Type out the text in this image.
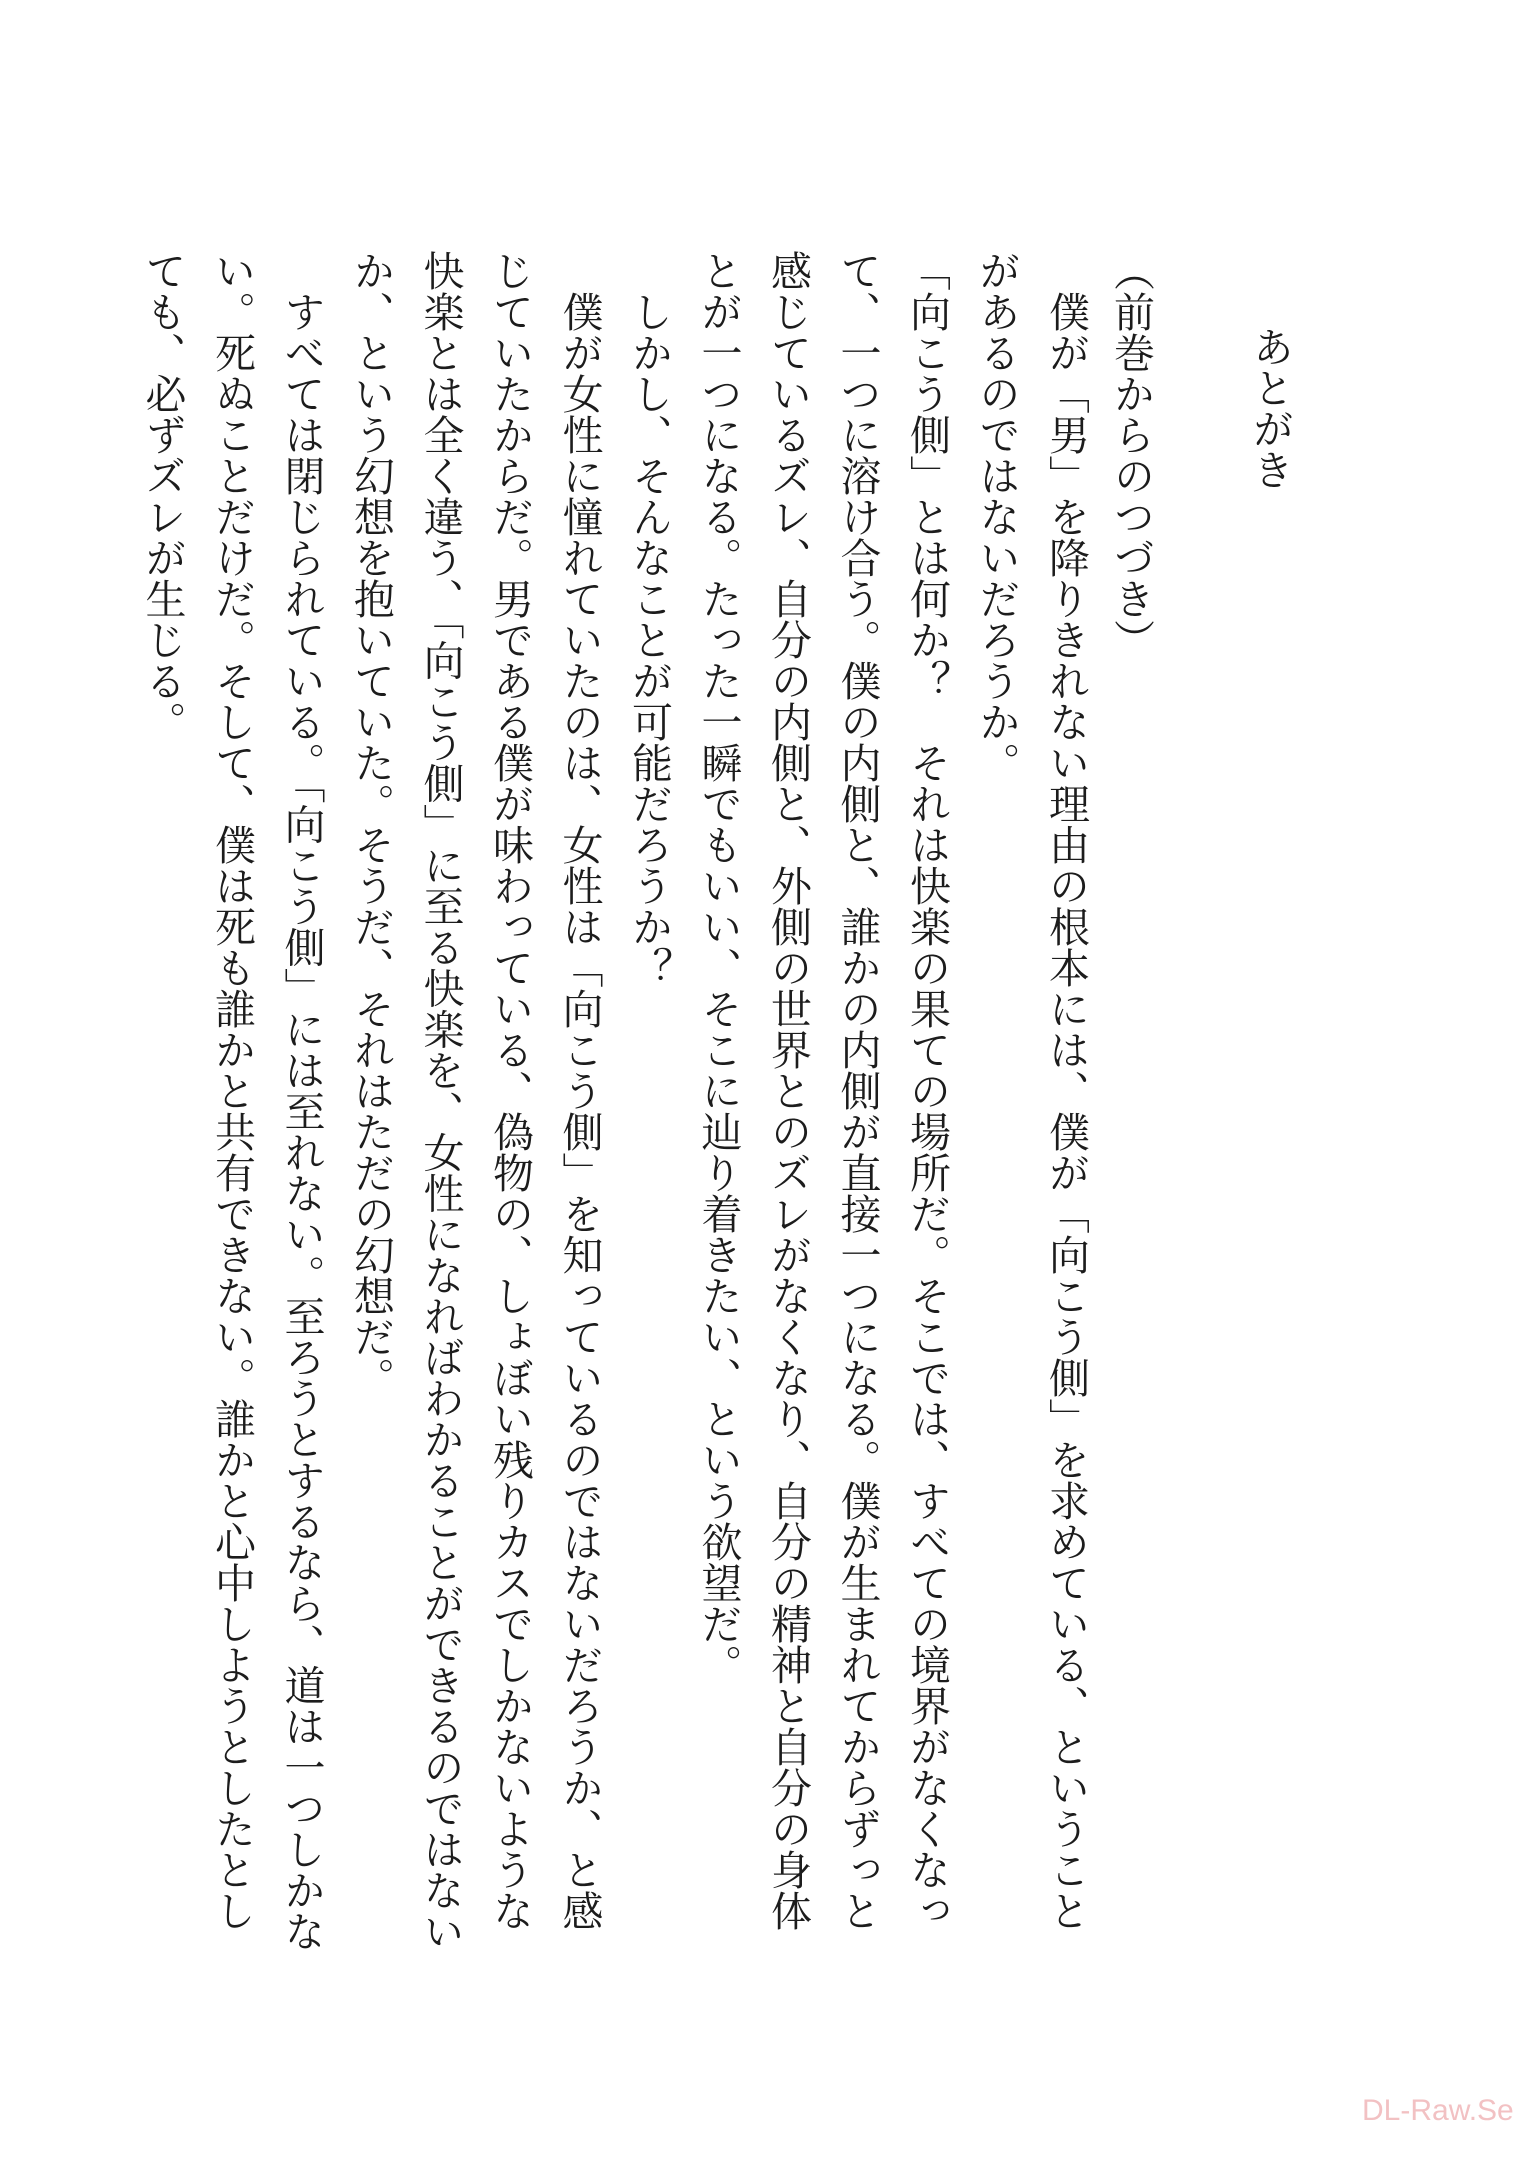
あとがき
（前巻からのつづき）
僕が「男」を降りきれない理由の根本には、僕が「向こう側」を求めている、ということ
があるのではないだろうか。
「向こう側」とは何か？　それは快楽の果ての場所だ。そこでは、すべての境界がなくなっ
て、一つに溶け合う。僕の内側と、誰かの内側が直接一つになる。僕が生まれてからずっと
感じているズレ、自分の内側と、外側の世界とのズレがなくなり、自分の精神と自分の身体
とが一つになる。たった一瞬でもいい、そこに辿り着きたい、という欲望だ。
しかし、そんなことが可能だろうか？
僕が女性に憧れていたのは、女性は「向こう側」を知っているのではないだろうか、と感
じていたからだ。男である僕が味わっている、偽物の、しょぼい残りカスでしかないような
快楽とは全く違う、「向こう側」に至る快楽を、女性になればわかることができるのではない
か、という幻想を抱いていた。そうだ、それはただの幻想だ。
すべては閉じられている。「向こう側」には至れない。至ろうとするなら、道は一つしかな
い。死ぬことだけだ。そして、僕は死も誰かと共有できない。誰かと心中しようとしたとし
ても、必ずズレが生じる。
DL-Raw.Se
